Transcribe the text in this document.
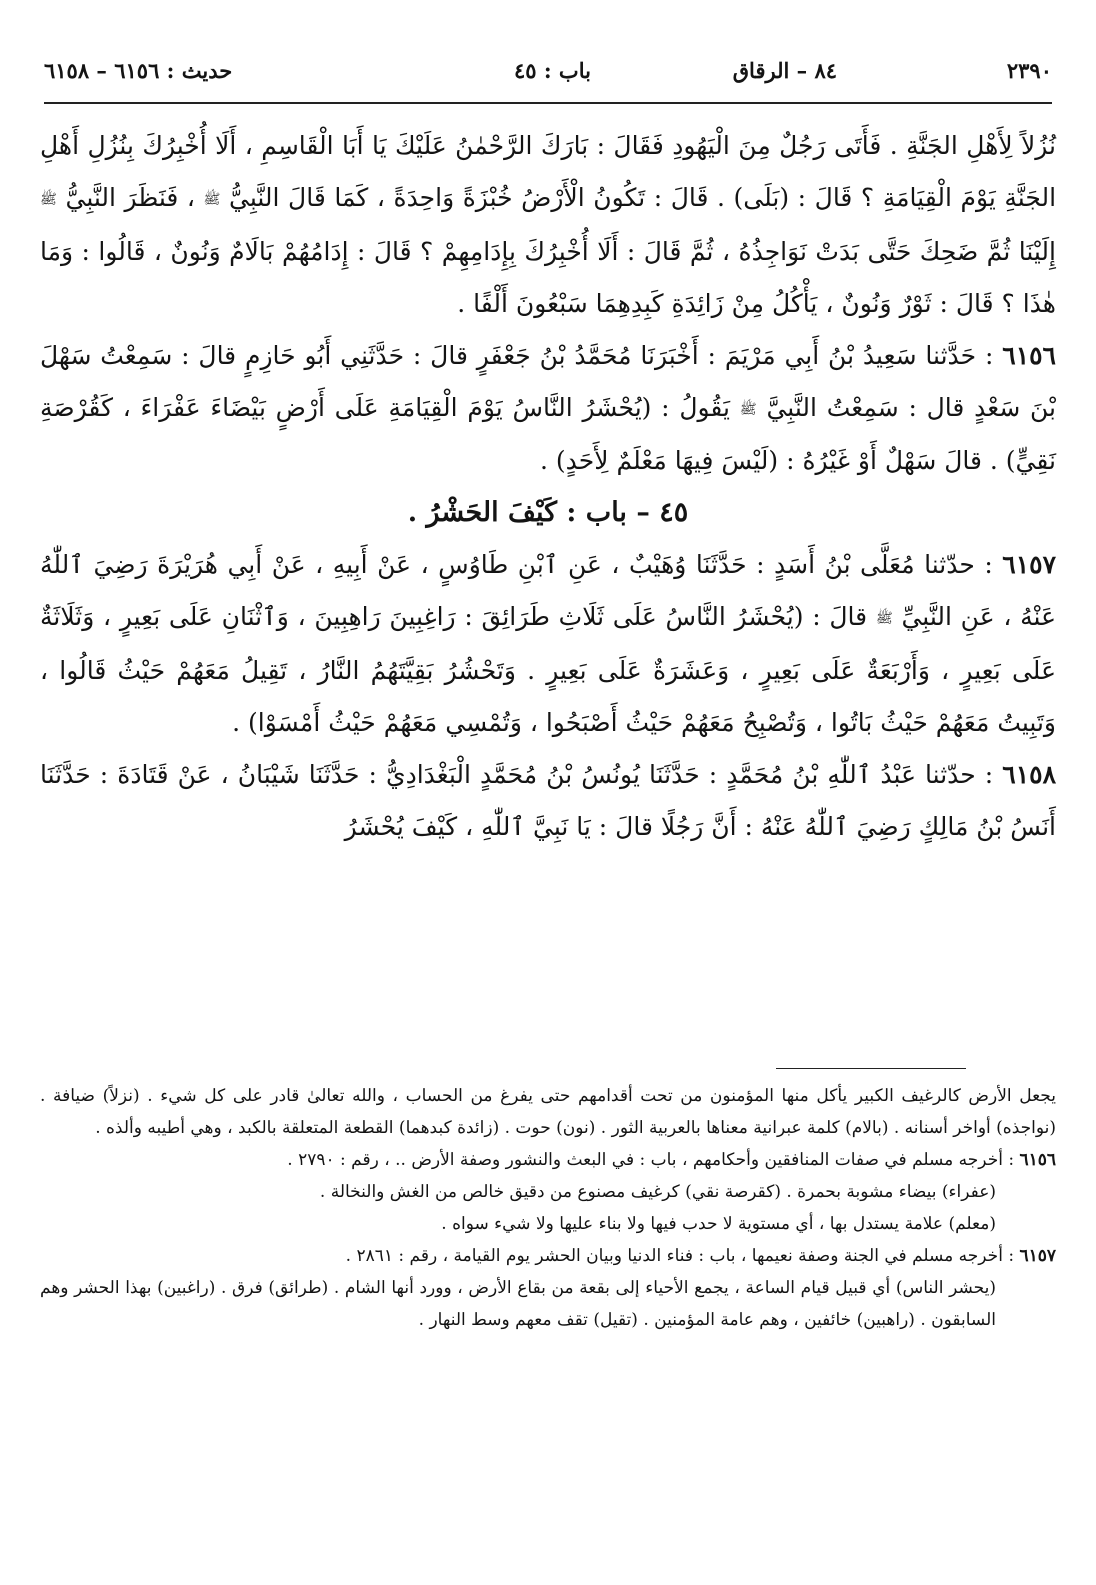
٢٣٩٠
٨٤ – الرقاق
باب : ٤٥
حديث : ٦١٥٦ – ٦١٥٨

نُزُلاً لِأَهْلِ الجَنَّةِ . فَأَتَى رَجُلٌ مِنَ الْيَهُودِ فَقَالَ : بَارَكَ الرَّحْمٰنُ عَلَيْكَ يَا أَبَا الْقَاسِمِ ، أَلَا أُخْبِرُكَ بِنُزُلِ أَهْلِ الجَنَّةِ يَوْمَ الْقِيَامَةِ ؟ قَالَ : (بَلَى) . قَالَ : تَكُونُ الْأَرْضُ خُبْزَةً وَاحِدَةً ، كَمَا قَالَ النَّبِيُّ ﷺ ، فَنَظَرَ النَّبِيُّ ﷺ إِلَيْنَا ثُمَّ ضَحِكَ حَتَّى بَدَتْ نَوَاجِذُهُ ، ثُمَّ قَالَ : أَلَا أُخْبِرُكَ بِإِدَامِهِمْ ؟ قَالَ : إِدَامُهُمْ بَالَامٌ وَنُونٌ ، قَالُوا : وَمَا هٰذَا ؟ قَالَ : ثَوْرٌ وَنُونٌ ، يَأْكُلُ مِنْ زَائِدَةِ كَبِدِهِمَا سَبْعُونَ أَلْفًا .

٦١٥٦ : حَدَّثنا سَعِيدُ بْنُ أَبِي مَرْيَمَ : أَخْبَرَنَا مُحَمَّدُ بْنُ جَعْفَرٍ قالَ : حَدَّثَنِي أَبُو حَازِمٍ قالَ : سَمِعْتُ سَهْلَ بْنَ سَعْدٍ قال : سَمِعْتُ النَّبِيَّ ﷺ يَقُولُ : (يُحْشَرُ النَّاسُ يَوْمَ الْقِيَامَةِ عَلَى أَرْضٍ بَيْضَاءَ عَفْرَاءَ ، كَقُرْصَةِ نَقِيٍّ) . قالَ سَهْلٌ أَوْ غَيْرُهُ : (لَيْسَ فِيهَا مَعْلَمٌ لِأَحَدٍ) .

٤٥ – باب : كَيْفَ الحَشْرُ .

٦١٥٧ : حدّثنا مُعَلَّى بْنُ أَسَدٍ : حَدَّثَنَا وُهَيْبٌ ، عَنِ ٱبْنِ طَاوُسٍ ، عَنْ أَبِيهِ ، عَنْ أَبِي هُرَيْرَةَ رَضِيَ ٱللّٰهُ عَنْهُ ، عَنِ النَّبِيِّ ﷺ قالَ : (يُحْشَرُ النَّاسُ عَلَى ثَلَاثِ طَرَائِقَ : رَاغِبِينَ رَاهِبِينَ ، وَٱثْنَانِ عَلَى بَعِيرٍ ، وَثَلَاثَةٌ عَلَى بَعِيرٍ ، وَأَرْبَعَةٌ عَلَى بَعِيرٍ ، وَعَشَرَةٌ عَلَى بَعِيرٍ . وَتَحْشُرُ بَقِيَّتَهُمُ النَّارُ ، تَقِيلُ مَعَهُمْ حَيْثُ قَالُوا ، وَتَبِيتُ مَعَهُمْ حَيْثُ بَاتُوا ، وَتُصْبِحُ مَعَهُمْ حَيْثُ أَصْبَحُوا ، وَتُمْسِي مَعَهُمْ حَيْثُ أَمْسَوْا) .

٦١٥٨ : حدّثنا عَبْدُ ٱللّٰهِ بْنُ مُحَمَّدٍ : حَدَّثَنَا يُونُسُ بْنُ مُحَمَّدٍ الْبَغْدَادِيُّ : حَدَّثَنَا شَيْبَانُ ، عَنْ قَتَادَةَ : حَدَّثَنَا أَنَسُ بْنُ مَالِكٍ رَضِيَ ٱللّٰهُ عَنْهُ : أَنَّ رَجُلًا قالَ : يَا نَبِيَّ ٱللّٰهِ ، كَيْفَ يُحْشَرُ

يجعل الأرض كالرغيف الكبير يأكل منها المؤمنون من تحت أقدامهم حتى يفرغ من الحساب ، والله تعالىٰ قادر على كل شيء . (نزلاً) ضيافة . (نواجذه) أواخر أسنانه . (بالام) كلمة عبرانية معناها بالعربية الثور . (نون) حوت . (زائدة كبدهما) القطعة المتعلقة بالكبد ، وهي أطيبه وألذه .

٦١٥٦ : أخرجه مسلم في صفات المنافقين وأحكامهم ، باب : في البعث والنشور وصفة الأرض .. ، رقم : ٢٧٩٠ .

(عفراء) بيضاء مشوبة بحمرة . (كقرصة نقي) كرغيف مصنوع من دقيق خالص من الغش والنخالة .

(معلم) علامة يستدل بها ، أي مستوية لا حدب فيها ولا بناء عليها ولا شيء سواه .

٦١٥٧ : أخرجه مسلم في الجنة وصفة نعيمها ، باب : فناء الدنيا وبيان الحشر يوم القيامة ، رقم : ٢٨٦١ .

(يحشر الناس) أي قبيل قيام الساعة ، يجمع الأحياء إلى بقعة من بقاع الأرض ، وورد أنها الشام . (طرائق) فرق . (راغبين) بهذا الحشر وهم السابقون . (راهبين) خائفين ، وهم عامة المؤمنين . (تقيل) تقف معهم وسط النهار .
